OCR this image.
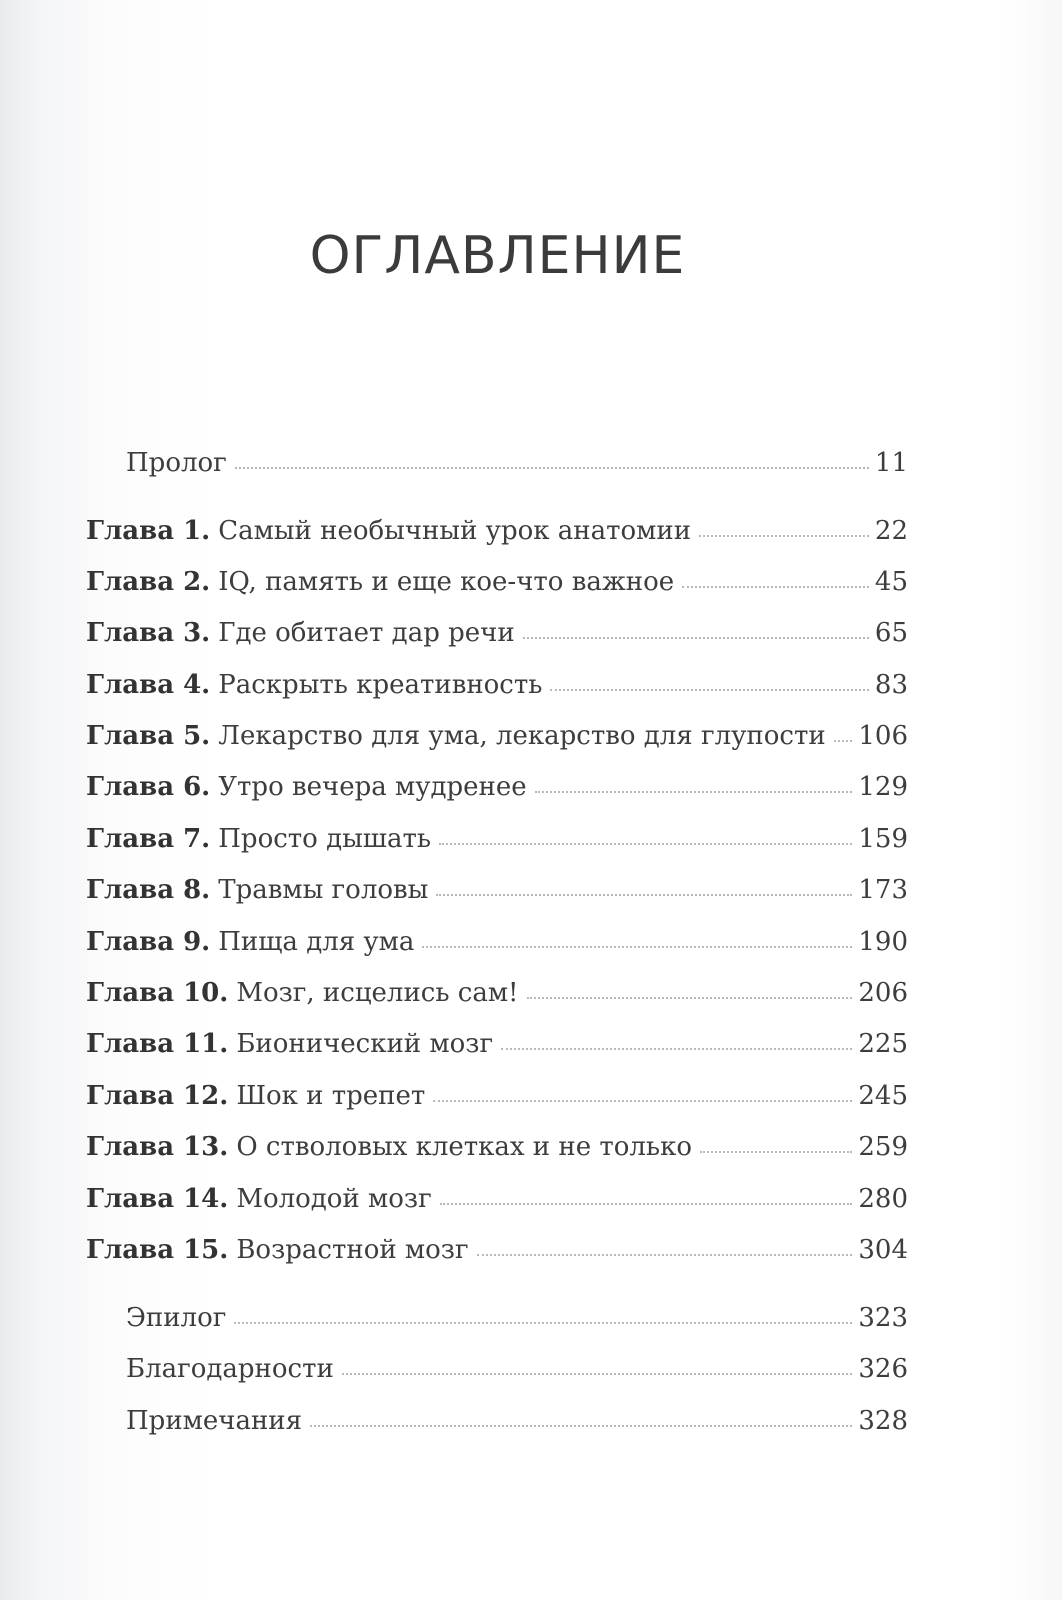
ОГЛАВЛЕНИЕ
Пролог	11
Глава 1. Самый необычный урок анатомии	22
Глава 2. IQ, память и еще кое-что важное	45
Глава 3. Где обитает дар речи	65
Глава 4. Раскрыть креативность	83
Глава 5. Лекарство для ума, лекарство для глупости 106
Глава 6. Утро вечера мудренее	129
Глава 7. Просто дышать	159
Глава 8. Травмы головы	173
Глава 9. Пища для ума	190
Глава 10. Мозг, исцелись сам!	206
Глава 11. Бионический мозг	225
Глава 12. Шок и трепет	245
Глава 13. О стволовых клетках и не только	259
Глава 14. Молодой мозг	280
Глава 15. Возрастной мозг	304
Эпилог	323
Благодарности	326
Примечания	328
